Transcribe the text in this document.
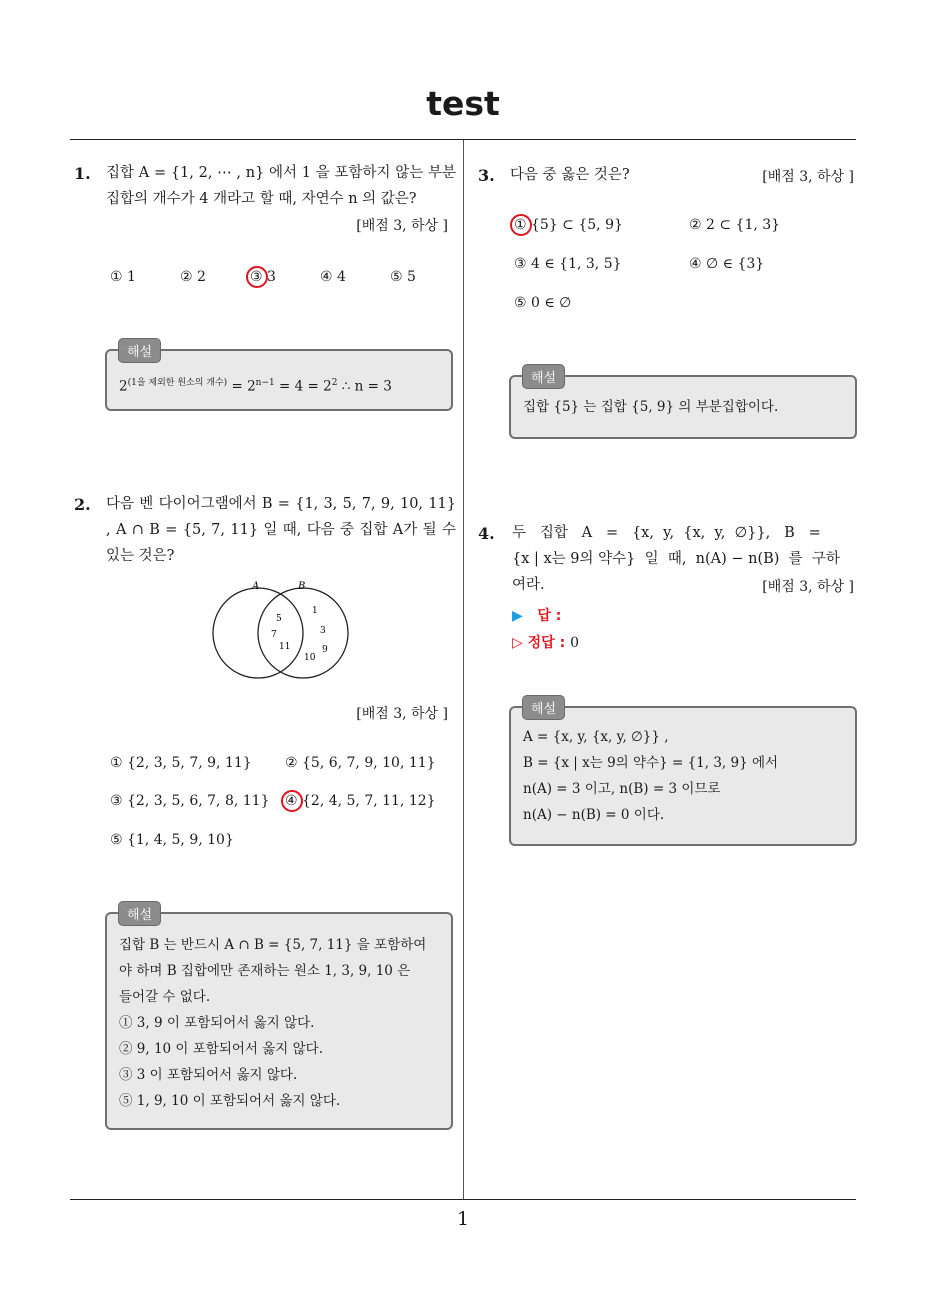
test
1. 집합 A = {1, 2, ⋯ , n} 에서 1 을 포함하지 않는 부분집합의 개수가 4 개라고 할 때, 자연수 n 의 값은?
[배점 3, 하상 ]
① 1	② 2	③ 3	④ 4	⑤ 5
$2^{(1을 제외한 원소의 개수)} = 2^{n-1} = 4 = 2^2$ ∴ n = 3
해설
2. 다음 벤 다이어그램에서 B = {1, 3, 5, 7, 9, 10, 11} , A ∩ B = {5, 7, 11} 일 때, 다음 중 집합 A가 될 수 있는 것은?
A	B
5
7
11
1
3
10
9
[배점 3, 하상 ]
① {2, 3, 5, 7, 9, 11} ② {5, 6, 7, 9, 10, 11}
③ {2, 3, 5, 6, 7, 8, 11} ④ {2, 4, 5, 7, 11, 12}
⑤ {1, 4, 5, 9, 10}
집합 B 는 반드시 A ∩ B = {5, 7, 11} 을 포함하여
야 하며 B 집합에만 존재하는 원소 1, 3, 9, 10 은
들어갈 수 없다.
① 3, 9 이 포함되어서 옳지 않다.
② 9, 10 이 포함되어서 옳지 않다.
③ 3 이 포함되어서 옳지 않다.
⑤ 1, 9, 10 이 포함되어서 옳지 않다.
해설
3. 다음 중 옳은 것은?	[배점 3, 하상 ]
① {5} ⊂ {5, 9}	② 2 ⊂ {1, 3}
③ 4 ∈ {1, 3, 5}	④ ∅ ∈ {3}
⑤ 0 ∈ ∅
집합 {5} 는 집합 {5, 9} 의 부분집합이다.
해설
4. 두   집합   A   =   {x,  y,  {x,  y,  ∅}},   B   =
{x | x는 9의 약수}  일  때,  n(A) − n(B)  를  구하
여라.	[배점 3, 하상 ]
▶ 답 :
▷ 정답 : 0
A = {x, y, {x, y, ∅}} ,
B = {x | x는 9의 약수} = {1, 3, 9} 에서
n(A) = 3 이고, n(B) = 3 이므로
n(A) − n(B) = 0 이다.
해설
1
